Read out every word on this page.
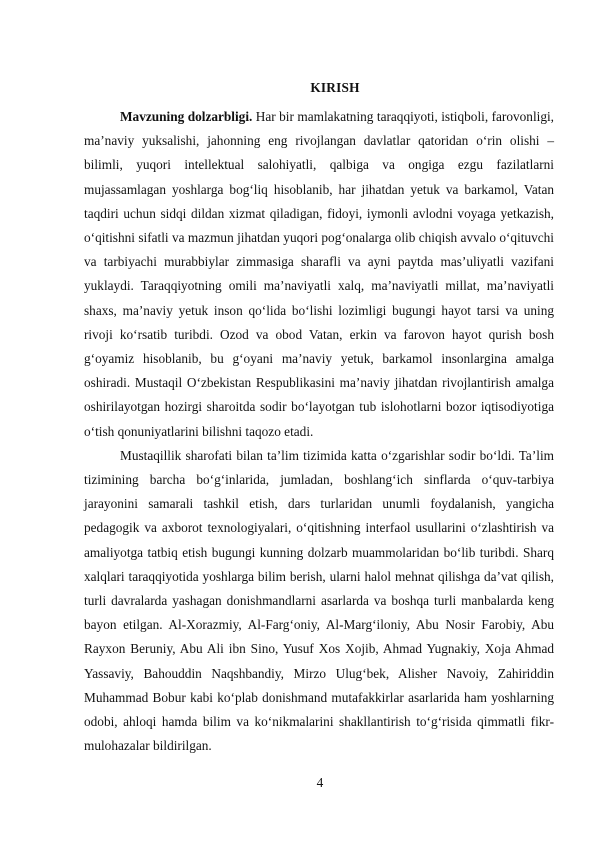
KIRISH

Mavzuning dolzarbligi. Har bir mamlakatning taraqqiyoti, istiqboli, farovonligi, ma’naviy yuksalishi, jahonning eng rivojlangan davlatlar qatoridan o‘rin olishi – bilimli, yuqori intellektual salohiyatli, qalbiga va ongiga ezgu fazilatlarni mujassamlagan yoshlarga bog‘liq hisoblanib, har jihatdan yetuk va barkamol, Vatan taqdiri uchun sidqi dildan xizmat qiladigan, fidoyi, iymonli avlodni voyaga yetkazish, o‘qitishni sifatli va mazmun jihatdan yuqori pog‘onalarga olib chiqish avvalo o‘qituvchi va tarbiyachi murabbiylar zimmasiga sharafli va ayni paytda mas’uliyatli vazifani yuklaydi. Taraqqiyotning omili ma’naviyatli xalq, ma’naviyatli millat, ma’naviyatli shaxs, ma’naviy yetuk inson qo‘lida bo‘lishi lozimligi bugungi hayot tarsi va uning rivoji ko‘rsatib turibdi. Ozod va obod Vatan, erkin va farovon hayot qurish bosh g‘oyamiz hisoblanib, bu g‘oyani ma’naviy yetuk, barkamol insonlargina amalga oshiradi. Mustaqil O‘zbekistan Respublikasini ma’naviy jihatdan rivojlantirish amalga oshirilayotgan hozirgi sharoitda sodir bo‘layotgan tub islohotlarni bozor iqtisodiyotiga o‘tish qonuniyatlarini bilishni taqozo etadi.

Mustaqillik sharofati bilan ta’lim tizimida katta o‘zgarishlar sodir bo‘ldi. Ta’lim tizimining barcha bo‘g‘inlarida, jumladan, boshlang‘ich sinflarda o‘quv-tarbiya jarayonini samarali tashkil etish, dars turlaridan unumli foydalanish, yangicha pedagogik va axborot texnologiyalari, o‘qitishning interfaol usullarini o‘zlashtirish va amaliyotga tatbiq etish bugungi kunning dolzarb muammolaridan bo‘lib turibdi. Sharq xalqlari taraqqiyotida yoshlarga bilim berish, ularni halol mehnat qilishga da’vat qilish, turli davralarda yashagan donishmandlarni asarlarda va boshqa turli manbalarda keng bayon etilgan. Al-Xorazmiy, Al-Farg‘oniy, Al-Marg‘iloniy, Abu Nosir Farobiy, Abu Rayxon Beruniy, Abu Ali ibn Sino, Yusuf Xos Xojib, Ahmad Yugnakiy, Xoja Ahmad Yassaviy, Bahouddin Naqshbandiy, Mirzo Ulug‘bek, Alisher Navoiy, Zahiriddin Muhammad Bobur kabi ko‘plab donishmand mutafakkirlar asarlarida ham yoshlarning odobi, ahloqi hamda bilim va ko‘nikmalarini shakllantirish to‘g‘risida qimmatli fikr-mulohazalar bildirilgan.

4
